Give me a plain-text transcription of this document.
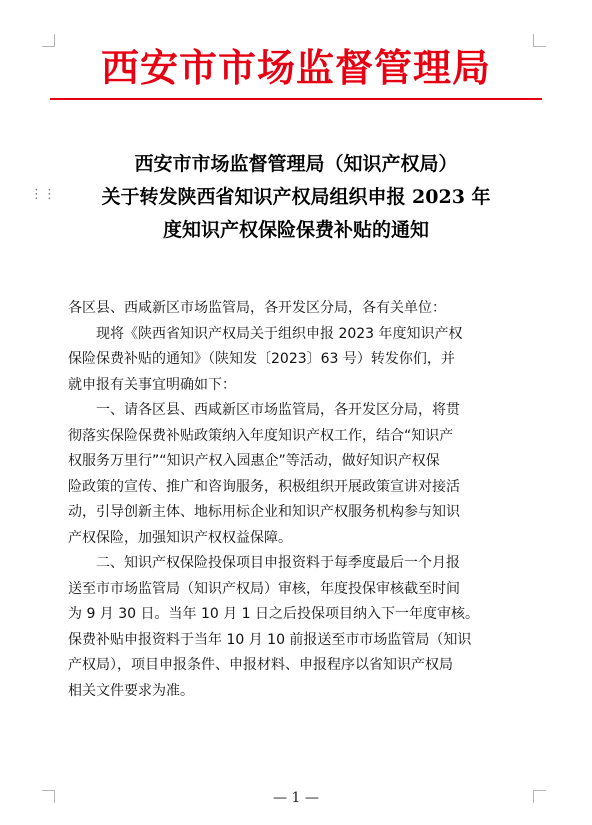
西安市市场监督管理局
⋮⋮
西安市市场监督管理局（知识产权局）
关于转发陕西省知识产权局组织申报 2023 年
度知识产权保险保费补贴的通知

各区县、西咸新区市场监管局，各开发区分局，各有关单位：

现将《陕西省知识产权局关于组织申报 2023 年度知识产权

保险保费补贴的通知》（陕知发〔2023〕63 号）转发你们，并

就申报有关事宜明确如下：

一、请各区县、西咸新区市场监管局，各开发区分局，将贯

彻落实保险保费补贴政策纳入年度知识产权工作，结合“知识产

权服务万里行”“知识产权入园惠企”等活动，做好知识产权保

险政策的宣传、推广和咨询服务，积极组织开展政策宣讲对接活

动，引导创新主体、地标用标企业和知识产权服务机构参与知识

产权保险，加强知识产权权益保障。

二、知识产权保险投保项目申报资料于每季度最后一个月报

送至市市场监管局（知识产权局）审核，年度投保审核截至时间

为 9 月 30 日。当年 10 月 1 日之后投保项目纳入下一年度审核。

保费补贴申报资料于当年 10 月 10 前报送至市市场监管局（知识

产权局），项目申报条件、申报材料、申报程序以省知识产权局

相关文件要求为准。

— 1 —
